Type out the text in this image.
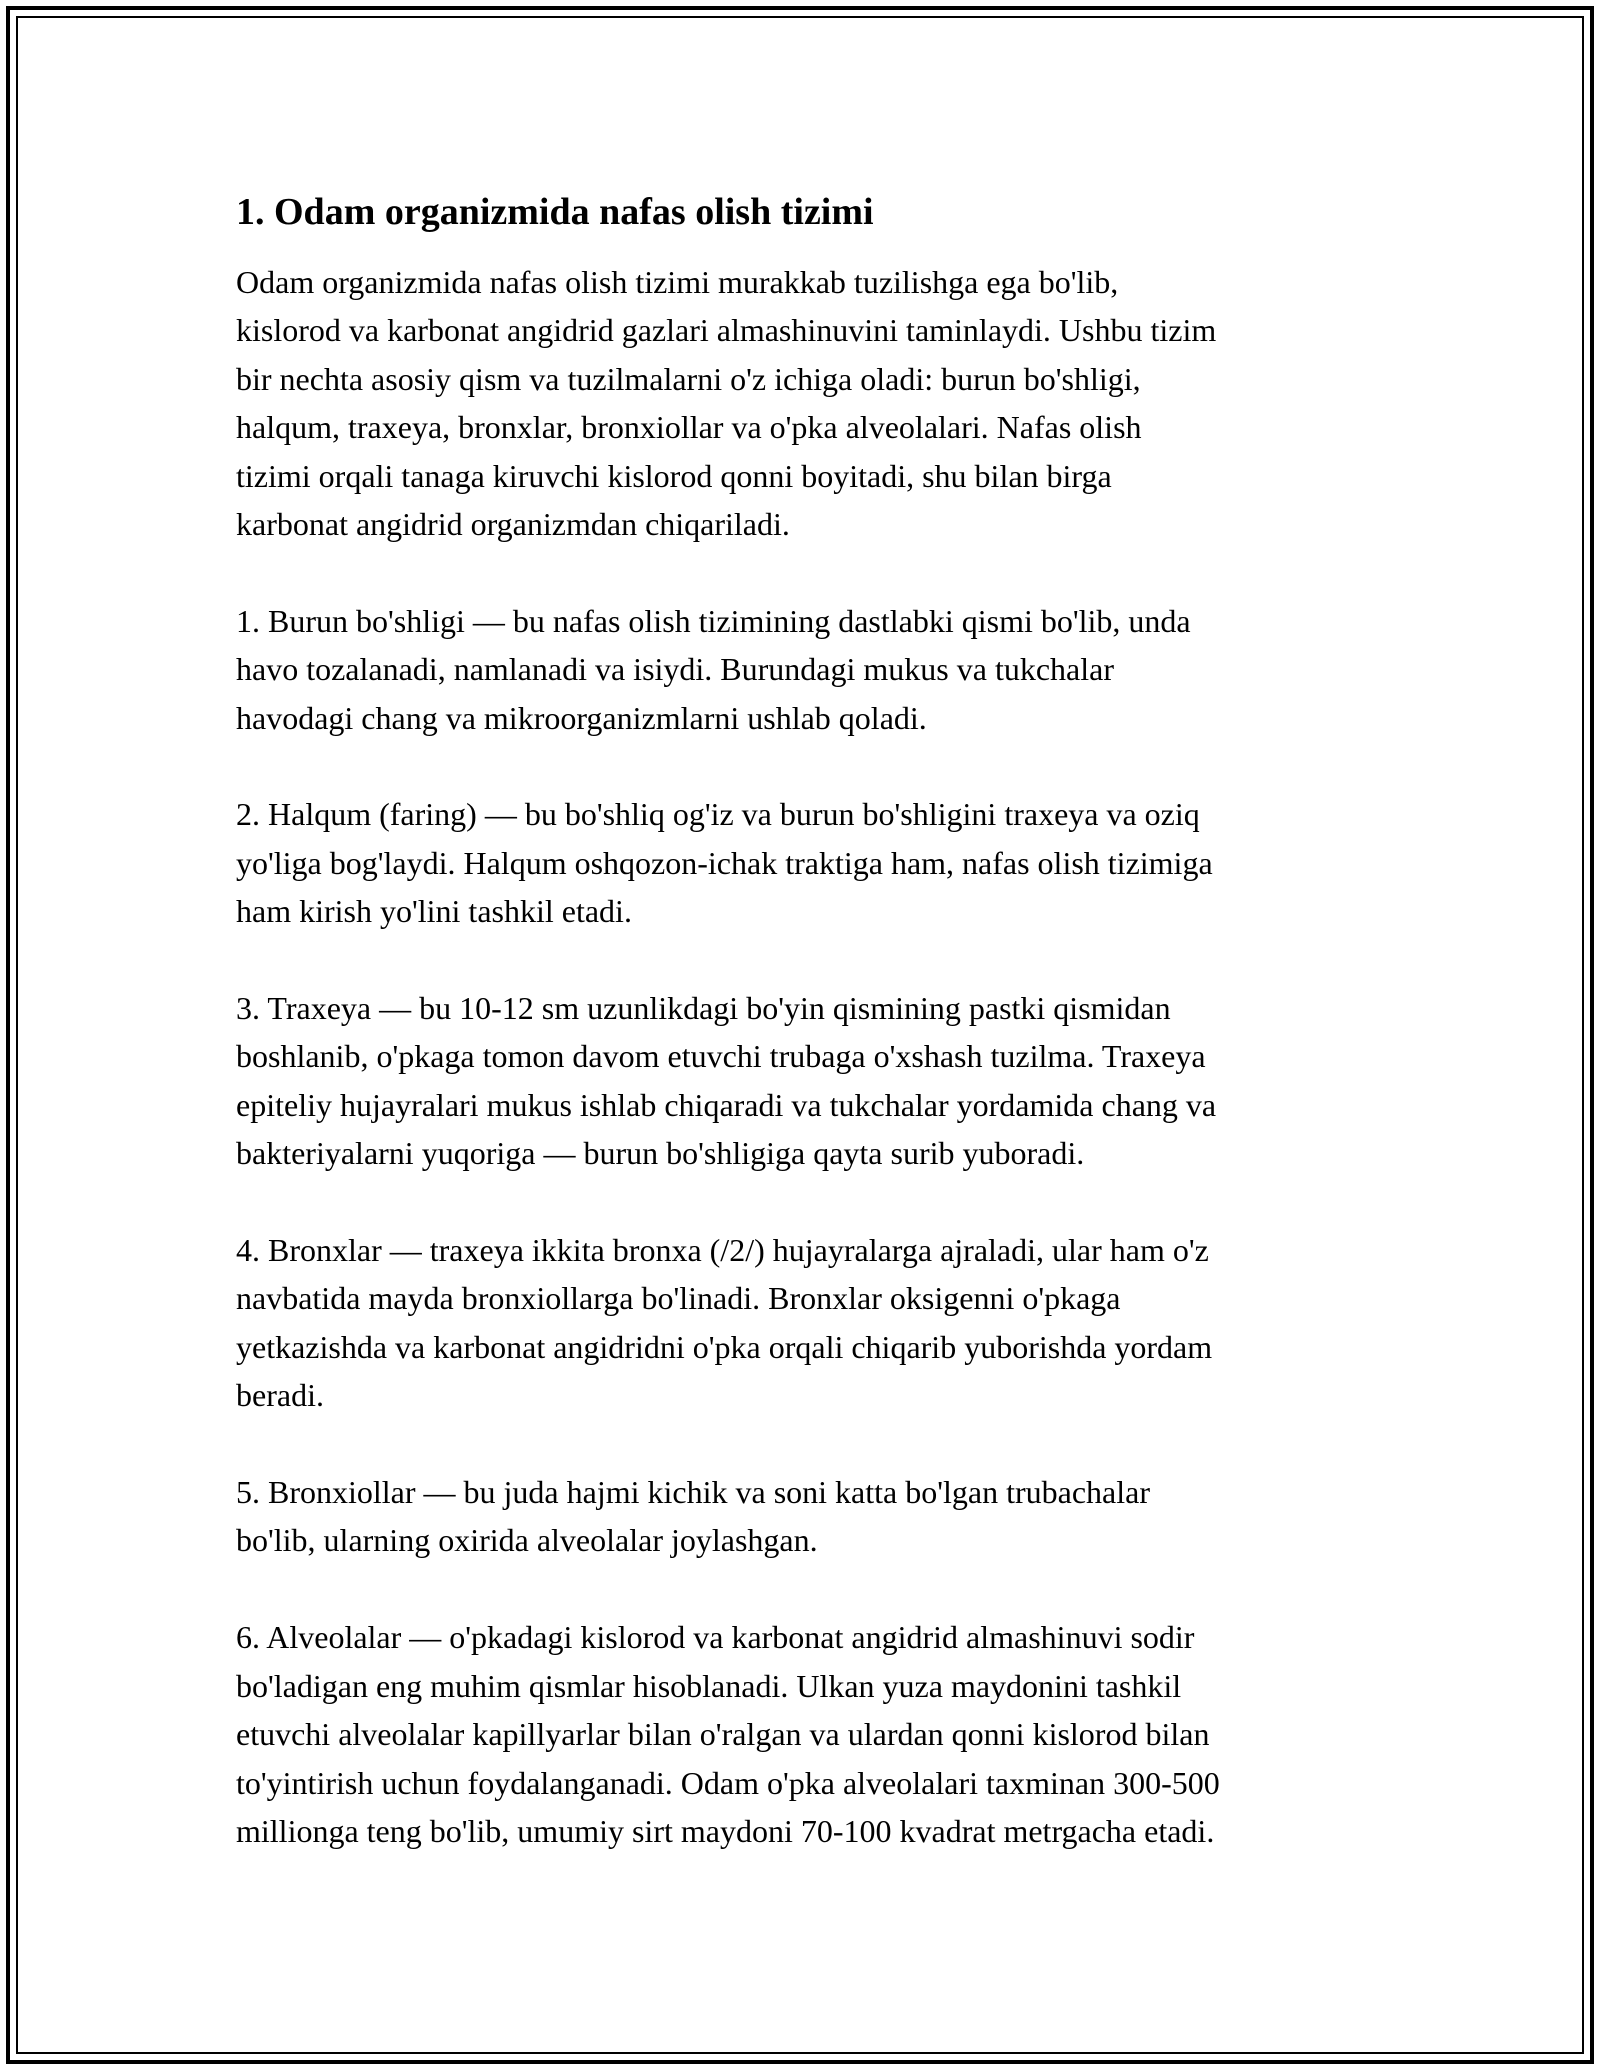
1. Odam organizmida nafas olish tizimi

Odam organizmida nafas olish tizimi murakkab tuzilishga ega bo'lib,
kislorod va karbonat angidrid gazlari almashinuvini taminlaydi. Ushbu tizim
bir nechta asosiy qism va tuzilmalarni o'z ichiga oladi: burun bo'shligi,
halqum, traxeya, bronxlar, bronxiollar va o'pka alveolalari. Nafas olish
tizimi orqali tanaga kiruvchi kislorod qonni boyitadi, shu bilan birga
karbonat angidrid organizmdan chiqariladi.

1. Burun bo'shligi — bu nafas olish tizimining dastlabki qismi bo'lib, unda
havo tozalanadi, namlanadi va isiydi. Burundagi mukus va tukchalar
havodagi chang va mikroorganizmlarni ushlab qoladi.

2. Halqum (faring) — bu bo'shliq og'iz va burun bo'shligini traxeya va oziq
yo'liga bog'laydi. Halqum oshqozon-ichak traktiga ham, nafas olish tizimiga
ham kirish yo'lini tashkil etadi.

3. Traxeya — bu 10-12 sm uzunlikdagi bo'yin qismining pastki qismidan
boshlanib, o'pkaga tomon davom etuvchi trubaga o'xshash tuzilma. Traxeya
epiteliy hujayralari mukus ishlab chiqaradi va tukchalar yordamida chang va
bakteriyalarni yuqoriga — burun bo'shligiga qayta surib yuboradi.

4. Bronxlar — traxeya ikkita bronxa (/2/) hujayralarga ajraladi, ular ham o'z
navbatida mayda bronxiollarga bo'linadi. Bronxlar oksigenni o'pkaga
yetkazishda va karbonat angidridni o'pka orqali chiqarib yuborishda yordam
beradi.

5. Bronxiollar — bu juda hajmi kichik va soni katta bo'lgan trubachalar
bo'lib, ularning oxirida alveolalar joylashgan.

6. Alveolalar — o'pkadagi kislorod va karbonat angidrid almashinuvi sodir
bo'ladigan eng muhim qismlar hisoblanadi. Ulkan yuza maydonini tashkil
etuvchi alveolalar kapillyarlar bilan o'ralgan va ulardan qonni kislorod bilan
to'yintirish uchun foydalanganadi. Odam o'pka alveolalari taxminan 300-500
millionga teng bo'lib, umumiy sirt maydoni 70-100 kvadrat metrgacha etadi.
